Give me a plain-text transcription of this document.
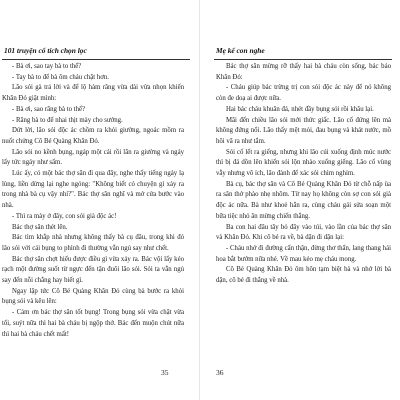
101 truyện cổ tích chọn lọc

- Bà ơi, sao tay bà to thế?

- Tay bà to để bà ôm cháu chặt hơn.

Lão sói gà trả lời và để lộ hàm răng vừa dài vừa nhọn khiến Khăn Đỏ giật mình:

- Bà ơi, sao răng bà to thế?

- Răng bà to để nhai thịt mày cho sướng.

Dứt lời, lão sói độc ác chồm ra khỏi giường, ngoác mồm ra nuốt chửng Cô Bé Quàng Khăn Đỏ.

Lão sói no kềnh bụng, ngáp một cái rồi lăn ra giường và ngáy lấy tức ngáy như sấm.

Lúc ấy, có một bác thợ săn đi qua đây, nghe thấy tiếng ngáy lạ lùng, liền dừng lại nghe ngóng: "Không biết có chuyện gì xảy ra trong nhà bà cụ vậy nhỉ?". Bác thợ săn nghĩ và mở cửa bước vào nhà.

- Thì ra mày ở đây, con sói già độc ác!

Bác thợ săn thét lên.

Bác tìm khắp nhà nhưng không thấy bà cụ đâu, trong khi đó lão sói với cái bụng to phình đi thường vẫn ngủ say như chết.

Bác thợ săn chợt hiểu được điều gì vừa xảy ra. Bác vội lấy kéo rạch một đường suốt từ ngực đến tận đuôi lão sói. Sói ta vẫn ngủ say đến nỗi chẳng hay biết gì.

Ngay lập tức Cô Bé Quàng Khăn Đỏ cùng bà bước ra khỏi bụng sói và kêu lên:

- Cảm ơn bác thợ săn tốt bụng! Trong bụng sói vừa chật vừa tối, suýt nữa thì hai bà cháu bị ngộp thở. Bác đến muộn chút nữa thì hai bà cháu chết mất!

35
Mẹ kể con nghe

Bác thợ săn mừng rỡ thấy hai bà cháu còn sống, bác bảo Khăn Đỏ:

- Cháu giúp bác trừng trị con sói độc ác này để nó không còn đe doạ ai được nữa.

Hai bác cháu khuân đá, nhét đầy bụng sói rồi khâu lại.

Mãi đến chiều lão sói mới thức giấc. Lão cố đứng lên mà không đứng nổi. Lão thấy mệt mỏi, đau bụng và khát nước, mồ hôi vã ra như tắm.

Sói cố lết ra giếng, nhưng khi lão cúi xuống định múc nước thì bị đá dồn lên khiến sói lộn nhào xuống giếng. Lão cố vùng vẫy nhưng vô ích, lão đành để xác sói chìm nghỉm.

Bà cụ, bác thợ săn và Cô Bé Quàng Khăn Đỏ từ chỗ nấp ùa ra sân thở phào nhẹ nhõm. Từ nay họ không còn sợ con sói già độc ác nữa. Bà như khoẻ hẳn ra, cùng cháu gái sửa soạn một bữa tiệc nhỏ ăn mừng chiến thắng.

Ba con hai đâu tây bỏ đây vào túi, vào lần của bác thợ săn và Khăn Đỏ. Khi cô bé ra về, bà dặn đi dặn lại:

- Cháu nhớ đi đường cẩn thận, đừng thơ thẩn, lang thang hái hoa bắt bướm nữa nhé. Về mau kẻo mẹ cháu mong.

Cô Bé Quàng Khăn Đỏ ôm hôn tạm biệt bà và nhớ lời bà dặn, cô bé đi thẳng về nhà.

36
